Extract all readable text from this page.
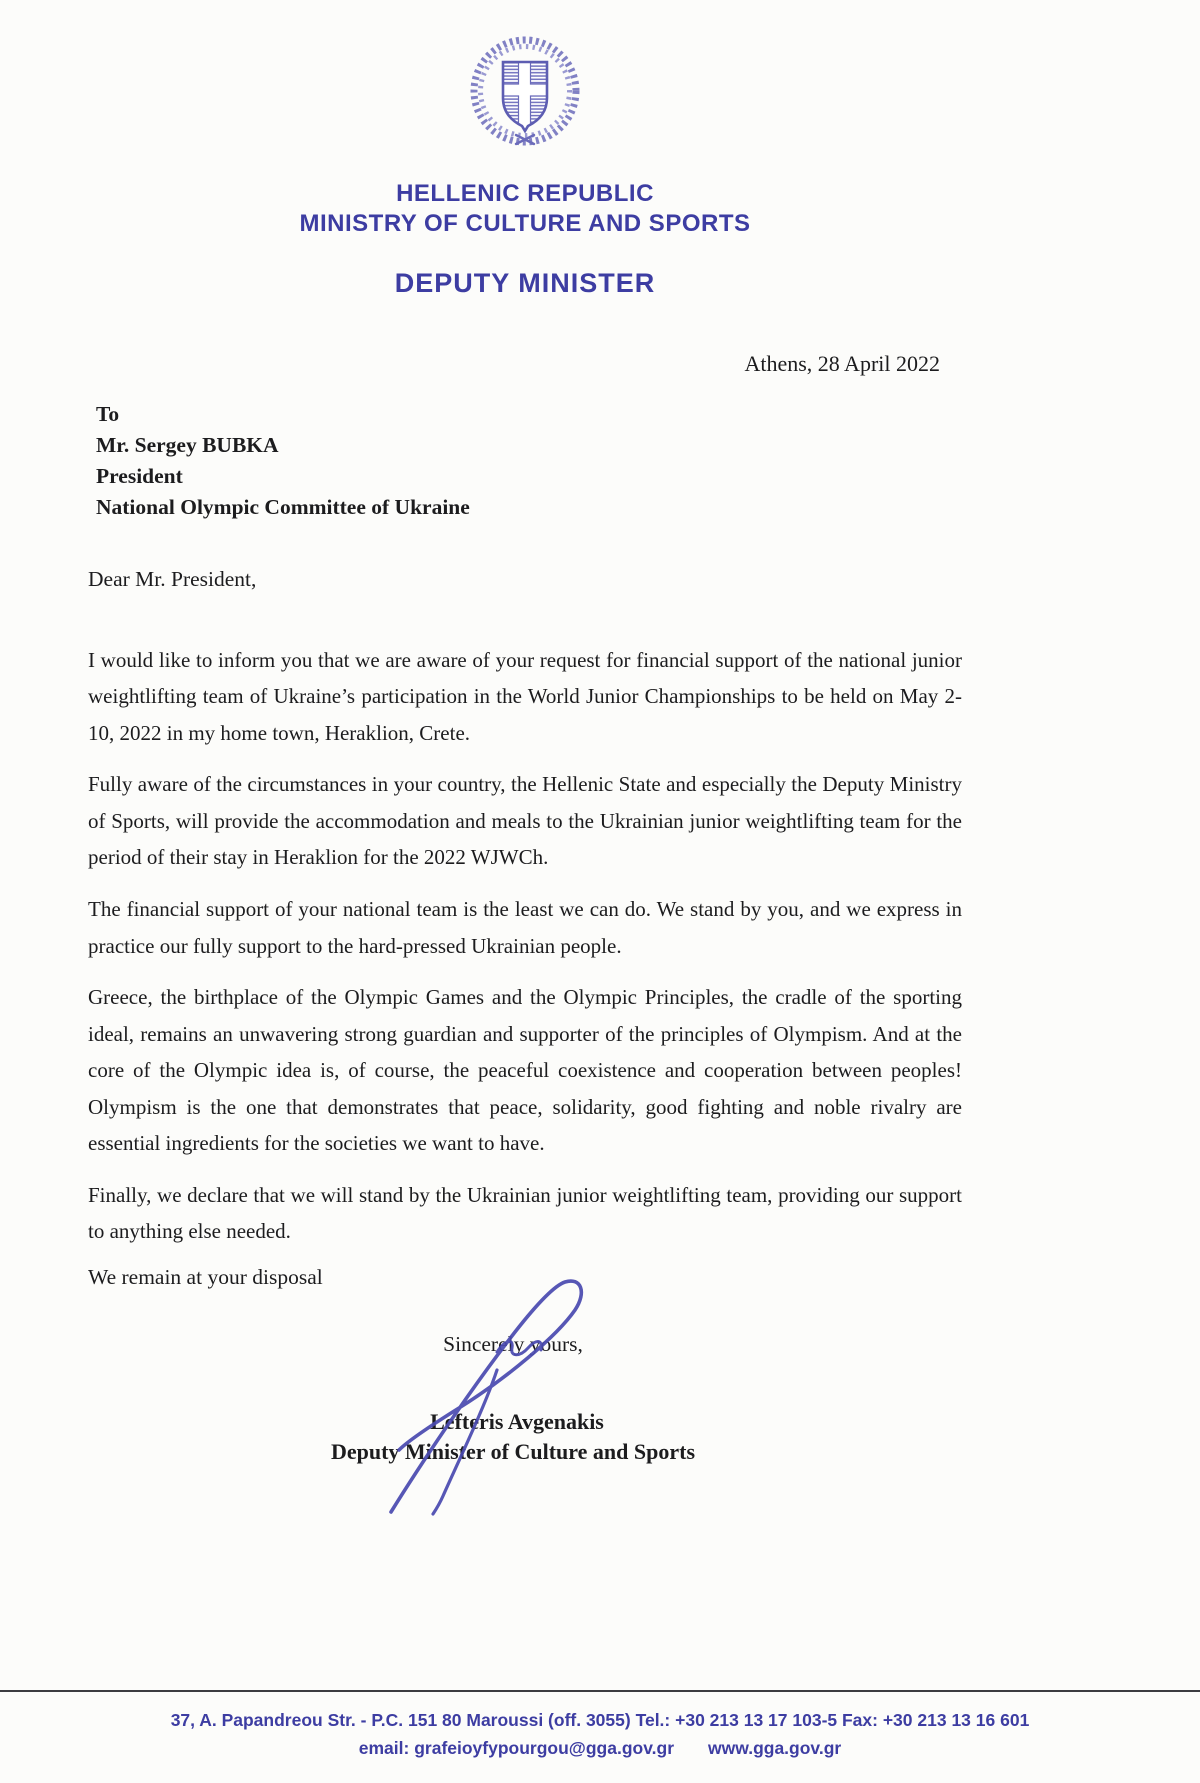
HELLENIC REPUBLIC
MINISTRY OF CULTURE AND SPORTS
DEPUTY MINISTER
Athens, 28 April 2022
To
Mr. Sergey BUBKA
President
National Olympic Committee of Ukraine
Dear Mr. President,

I would like to inform you that we are aware of your request for financial support of the national junior weightlifting team of Ukraine’s participation in the World Junior Championships to be held on May 2-10, 2022 in my home town, Heraklion, Crete.

Fully aware of the circumstances in your country, the Hellenic State and especially the Deputy Ministry of Sports, will provide the accommodation and meals to the Ukrainian junior weightlifting team for the period of their stay in Heraklion for the 2022 WJWCh.

The financial support of your national team is the least we can do. We stand by you, and we express in practice our fully support to the hard-pressed Ukrainian people.

Greece, the birthplace of the Olympic Games and the Olympic Principles, the cradle of the sporting ideal, remains an unwavering strong guardian and supporter of the principles of Olympism. And at the core of the Olympic idea is, of course, the peaceful coexistence and cooperation between peoples! Olympism is the one that demonstrates that peace, solidarity, good fighting and noble rivalry are essential ingredients for the societies we want to have.

Finally, we declare that we will stand by the Ukrainian junior weightlifting team, providing our support to anything else needed.

We remain at your disposal
Sincerely yours,
Lefteris Avgenakis
Deputy Minister of Culture and Sports
37, A. Papandreou Str. - P.C. 151 80 Maroussi (off. 3055) Tel.: +30 213 13 17 103-5 Fax: +30 213 13 16 601
email: grafeioyfypourgou@gga.gov.gr www.gga.gov.gr
